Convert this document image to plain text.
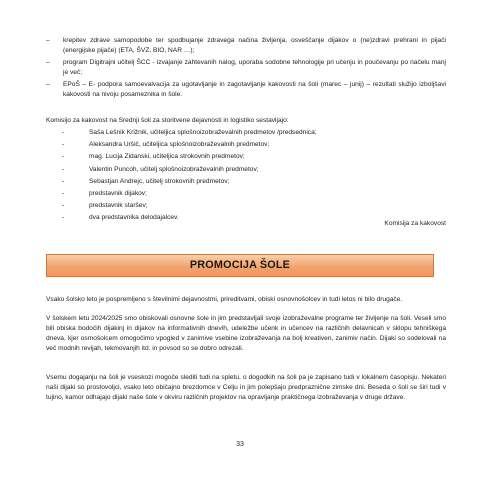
– krepitev zdrave samopodobe ter spodbujanje zdravega načina življenja, osveščanje dijakov o (ne)zdravi prehrani in pijači (energijske pijače) (ETA, ŠVZ, BIO, NAR …);
– program Digitrajni učitelj ŠCC - izvajanje zahtevanih nalog, uporaba sodobne tehnologije pri učenju in poučevanju po načelu manj je več;
– EPoŠ – E- podpora samoevalvacija za ugotavljanje in zagotavljanje kakovosti na šoli (marec – junij) – rezultati služijo izboljšavi kakovosti na nivoju posameznika in šole.
Komisijo za kakovost na Srednji šoli za storitvene dejavnosti in logistiko sestavljajo:
-	Saša Lešnik Križnik, učiteljica splošnoizobraževalnih predmetov /predsednica;
-	Aleksandra Uršič, učiteljica splošnoizobraževalnih predmetov;
-	mag. Lucija Zidanski, učiteljica strokovnih predmetov;
-	Valentin Puncoh, učitelj splošnoizobraževalnih predmetov;
-	Sebastjan Andrejc, učitelj strokovnih predmetov;
-	predstavnik dijakov;
-	predstavnik staršev;
-	dva predstavnika delodajalcev.
Komisija za kakovost
PROMOCIJA ŠOLE

Vsako šolsko leto je pospremljeno s številnimi dejavnostmi, prireditvami, obiski osnovnošolcev in tudi letos ni bilo drugače.

V šolskem letu 2024/2025 smo obiskovali osnovne šole in jim predstavljali svoje izobraževalne programe ter življenje na šoli. Veseli smo bili obiska bodočih dijakinj in dijakov na informativnih dnevih, udeležbe učenk in učencev na različnih delavnicah v sklopu tehniškega dneva, kjer osmošolcem omogočimo vpogled v zanimive vsebine izobraževanja na bolj kreativen, zanimiv način. Dijaki so sodelovali na več modnih revijah, tekmovanjih itd. in povsod so se dobro odrezali.

Vsemu dogajanju na šoli je vseskozi mogoče slediti tudi na spletu, o dogodkih na šoli pa je zapisano tudi v lokalnem časopisju. Nekateri naši dijaki so prostovoljci, vsako leto običajno brezdomce v Celju in jim polepšajo predpraznične zimske dni. Beseda o šoli se širi tudi v tujino, kamor odhajajo dijaki naše šole v okviru različnih projektov na opravljanje praktičnega izobraževanja v druge države.

33
